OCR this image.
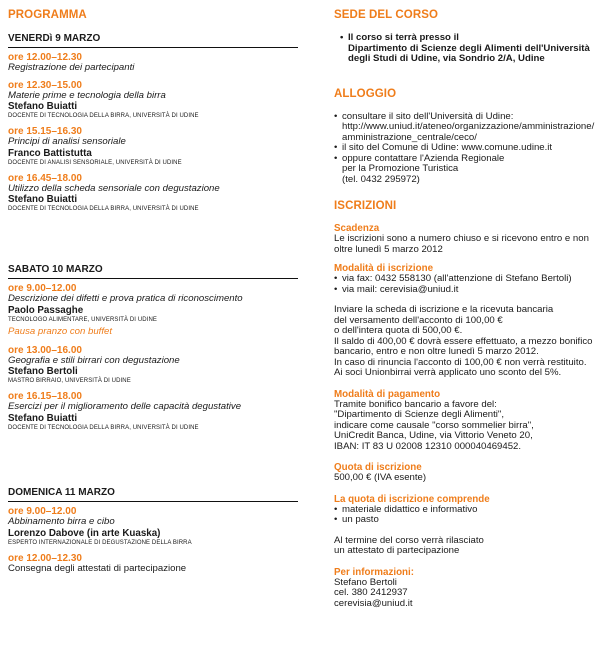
PROGRAMMA
VENERDì 9 MARZO
ore 12.00–12.30
Registrazione dei partecipanti
ore 12.30–15.00
Materie prime e tecnologia della birra
Stefano Buiatti
DOCENTE DI TECNOLOGIA DELLA BIRRA, UNIVERSITÀ DI UDINE
ore 15.15–16.30
Principi di analisi sensoriale
Franco Battistutta
DOCENTE DI ANALISI SENSORIALE, UNIVERSITÀ DI UDINE
ore 16.45–18.00
Utilizzo della scheda sensoriale con degustazione
Stefano Buiatti
DOCENTE DI TECNOLOGIA DELLA BIRRA, UNIVERSITÀ DI UDINE
SABATO 10 MARZO
ore 9.00–12.00
Descrizione dei difetti e prova pratica di riconoscimento
Paolo Passaghe
TECNOLOGO ALIMENTARE, UNIVERSITÀ DI UDINE
Pausa pranzo con buffet
ore 13.00–16.00
Geografia e stili birrari con degustazione
Stefano Bertoli
MASTRO BIRRAIO, UNIVERSITÀ DI UDINE
ore 16.15–18.00
Esercizi per il miglioramento delle capacità degustative
Stefano Buiatti
DOCENTE DI TECNOLOGIA DELLA BIRRA, UNIVERSITÀ DI UDINE
DOMENICA 11 MARZO
ore 9.00–12.00
Abbinamento birra e cibo
Lorenzo Dabove (in arte Kuaska)
ESPERTO INTERNAZIONALE DI DEGUSTAZIONE DELLA BIRRA
ore 12.00–12.30
Consegna degli attestati di partecipazione
SEDE DEL CORSO
• Il corso si terrà presso il
Dipartimento di Scienze degli Alimenti dell'Università
degli Studi di Udine, via Sondrio 2/A, Udine
ALLOGGIO
• consultare il sito dell'Università di Udine:
http://www.uniud.it/ateneo/organizzazione/amministrazione/
amministrazione_centrale/ceco/
• il sito del Comune di Udine: www.comune.udine.it
• oppure contattare l'Azienda Regionale
per la Promozione Turistica
(tel. 0432 295972)
ISCRIZIONI
Scadenza
Le iscrizioni sono a numero chiuso e si ricevono entro e non
oltre lunedì 5 marzo 2012
Modalità di iscrizione
• via fax: 0432 558130 (all'attenzione di Stefano Bertoli)
• via mail: cerevisia@uniud.it
Inviare la scheda di iscrizione e la ricevuta bancaria
del versamento dell'acconto di 100,00 €
o dell'intera quota di 500,00 €.
Il saldo di 400,00 € dovrà essere effettuato, a mezzo bonifico
bancario, entro e non oltre lunedì 5 marzo 2012.
In caso di rinuncia l'acconto di 100,00 € non verrà restituito.
Ai soci Unionbirrai verrà applicato uno sconto del 5%.
Modalità di pagamento
Tramite bonifico bancario a favore del:
"Dipartimento di Scienze degli Alimenti",
indicare come causale "corso sommelier birra",
UniCredit Banca, Udine, via Vittorio Veneto 20,
IBAN: IT 83 U 02008 12310 000040469452.
Quota di iscrizione
500,00 € (IVA esente)
La quota di iscrizione comprende
• materiale didattico e informativo
• un pasto
Al termine del corso verrà rilasciato
un attestato di partecipazione
Per informazioni:
Stefano Bertoli
cel. 380 2412937
cerevisia@uniud.it
